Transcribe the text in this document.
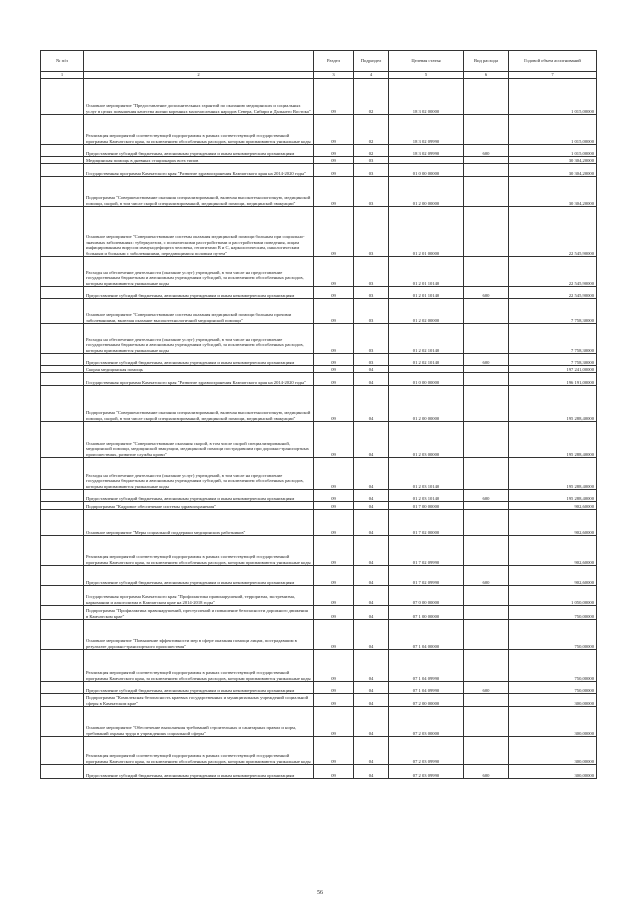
№ п/п		Раздел	Подраздел	Целевая статья	Вид расхода	Годовой объем ассигнований
1	2	3	4	5	6	7
	Основное мероприятие "Предоставление дополнительных гарантий по оказанию медицинских и социальных услуг в целях повышения качества жизни коренных малочисленных народов Севера, Сибири и Дальнего Востока"	09	02	18 3 02 00000		1 015,00000
	Реализация мероприятий соответствующей подпрограммы в рамках соответствующей государственной программы Камчатского края, за исключением обособленных расходов, которым присваиваются уникальные коды	09	02	18 3 02 09990		1 015,00000
	Предоставление субсидий бюджетным, автономным учреждениям и иным некоммерческим организациям	09	02	18 3 02 09990	600	1 015,00000
	Медицинская помощь в дневных стационарах всех типов	09	03			30 304,20000
	Государственная программа Камчатского края "Развитие здравоохранения Камчатского края на 2014-2020 годы"	09	03	01 0 00 00000		30 304,20000
	Подпрограмма "Совершенствование оказания специализированной, включая высокотехнологичную, медицинской помощи, скорой, в том числе скорой специализированной, медицинской помощи, медицинской эвакуации"	09	03	01 2 00 00000		30 304,20000
	Основное мероприятие "Совершенствование системы оказания медицинской помощи больным при социально-значимых заболеваниях: туберкулезом, с психическими расстройствами и расстройствами поведения, лицам инфицированным вирусом иммунодефицита человека, гепатитами B и C, наркологическим, онкологическим больным и больным с заболеваниями, передающимися половым путем"	09	03	01 2 01 00000		22 545,90000
	Расходы на обеспечение деятельности (оказание услуг) учреждений, в том числе на предоставление государственным бюджетным и автономным учреждениям субсидий, за исключением обособленных расходов, которым присваиваются уникальные коды	09	03	01 2 01 10140		22 545,90000
	Предоставление субсидий бюджетным, автономным учреждениям и иным некоммерческим организациям	09	03	01 2 01 10140	600	22 545,90000
	Основное мероприятие "Совершенствование системы оказания медицинской помощи больным прочими заболеваниями, включая оказание высокотехнологичной медицинской помощи"	09	03	01 2 02 00000		7 758,30000
	Расходы на обеспечение деятельности (оказание услуг) учреждений, в том числе на предоставление государственным бюджетным и автономным учреждениям субсидий, за исключением обособленных расходов, которым присваиваются уникальные коды	09	03	01 2 02 10140		7 758,30000
	Предоставление субсидий бюджетным, автономным учреждениям и иным некоммерческим организациям	09	03	01 2 02 10140	600	7 758,30000
	Скорая медицинская помощь	09	04			197 241,00000
	Государственная программа Камчатского края "Развитие здравоохранения Камчатского края на 2014-2020 годы"	09	04	01 0 00 00000		196 191,00000
	Подпрограмма "Совершенствование оказания специализированной, включая высокотехнологичную, медицинской помощи, скорой, в том числе скорой специализированной, медицинской помощи, медицинской эвакуации"	09	04	01 2 00 00000		195 288,40000
	Основное мероприятие "Совершенствование оказания скорой, в том числе скорой специализированной, медицинской помощи, медицинской эвакуации, медицинской помощи пострадавшим при дорожно-транспортных происшествиях, развитие службы крови"	09	04	01 2 03 00000		195 288,40000
	Расходы на обеспечение деятельности (оказание услуг) учреждений, в том числе на предоставление государственным бюджетным и автономным учреждениям субсидий, за исключением обособленных расходов, которым присваиваются уникальные коды	09	04	01 2 03 10140		195 288,40000
	Предоставление субсидий бюджетным, автономным учреждениям и иным некоммерческим организациям	09	04	01 2 03 10140	600	195 288,40000
	Подпрограмма "Кадровое обеспечение системы здравоохранения"	09	04	01 7 00 00000		902,60000
	Основное мероприятие "Меры социальной поддержки медицинских работников"	09	04	01 7 02 00000		902,60000
	Реализация мероприятий соответствующей подпрограммы в рамках соответствующей государственной программы Камчатского края, за исключением обособленных расходов, которым присваиваются уникальные коды	09	04	01 7 02 09990		902,60000
	Предоставление субсидий бюджетным, автономным учреждениям и иным некоммерческим организациям	09	04	01 7 02 09990	600	902,60000
	Государственная программа Камчатского края "Профилактика правонарушений, терроризма, экстремизма, наркомании и алкоголизма в Камчатском крае на 2014-2018 годы"	09	04	07 0 00 00000		1 050,00000
	Подпрограмма "Профилактика правонарушений, преступлений и повышение безопасности дорожного движения в Камчатском крае"	09	04	07 1 00 00000		750,00000
	Основное мероприятие "Повышение эффективности мер в сфере оказания помощи лицам, пострадавшим в результате дорожно-транспортного происшествия"	09	04	07 1 04 00000		750,00000
	Реализация мероприятий соответствующей подпрограммы в рамках соответствующей государственной программы Камчатского края, за исключением обособленных расходов, которым присваиваются уникальные коды	09	04	07 1 04 09990		750,00000
	Предоставление субсидий бюджетным, автономным учреждениям и иным некоммерческим организациям	09	04	07 1 04 09990	600	750,00000
	Подпрограмма "Комплексная безопасность краевых государственных и муниципальных учреждений социальной сферы в Камчатском крае"	09	04	07 2 00 00000		300,00000
	Основное мероприятие "Обеспечение выполнения требований строительных и санитарных правил и норм, требований охраны труда в учреждениях социальной сферы"	09	04	07 2 03 00000		300,00000
	Реализация мероприятий соответствующей подпрограммы в рамках соответствующей государственной программы Камчатского края, за исключением обособленных расходов, которым присваиваются уникальные коды	09	04	07 2 03 09990		300,00000
	Предоставление субсидий бюджетным, автономным учреждениям и иным некоммерческим организациям	09	04	07 2 03 09990	600	300,00000
56
